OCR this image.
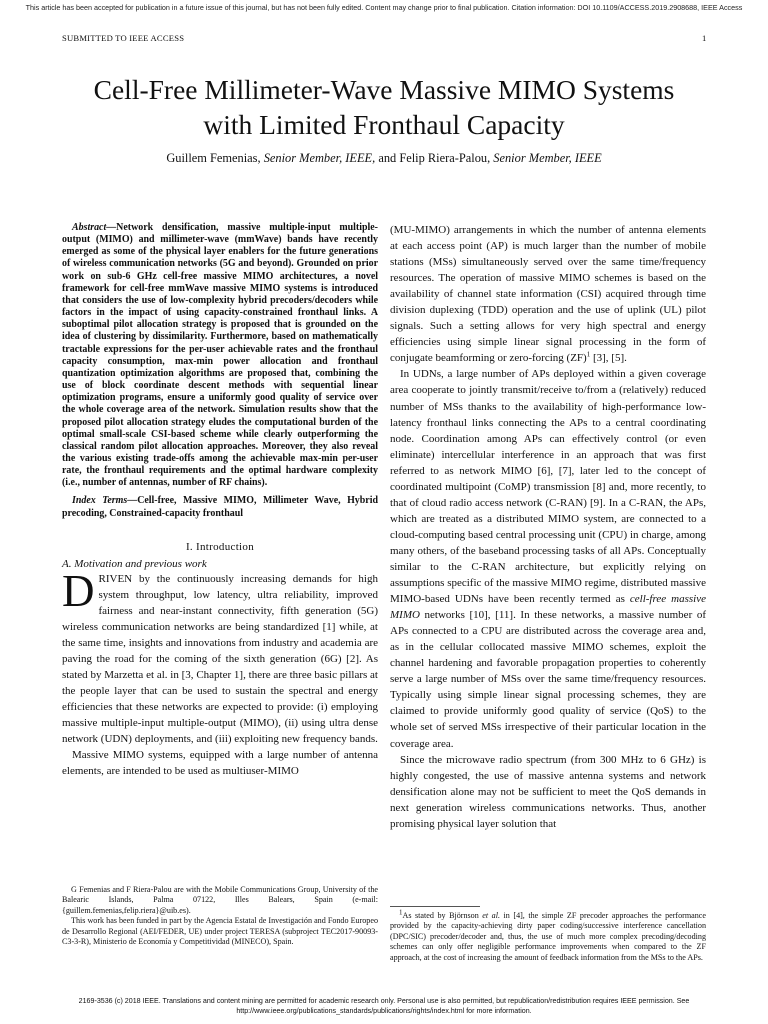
This article has been accepted for publication in a future issue of this journal, but has not been fully edited. Content may change prior to final publication. Citation information: DOI 10.1109/ACCESS.2019.2908688, IEEE Access
SUBMITTED TO IEEE ACCESS	1
Cell-Free Millimeter-Wave Massive MIMO Systems
with Limited Fronthaul Capacity
Guillem Femenias, Senior Member, IEEE, and Felip Riera-Palou, Senior Member, IEEE

Abstract—Network densification, massive multiple-input multiple-output (MIMO) and millimeter-wave (mmWave) bands have recently emerged as some of the physical layer enablers for the future generations of wireless communication networks (5G and beyond). Grounded on prior work on sub-6 GHz cell-free massive MIMO architectures, a novel framework for cell-free mmWave massive MIMO systems is introduced that considers the use of low-complexity hybrid precoders/decoders while factors in the impact of using capacity-constrained fronthaul links. A suboptimal pilot allocation strategy is proposed that is grounded on the idea of clustering by dissimilarity. Furthermore, based on mathematically tractable expressions for the per-user achievable rates and the fronthaul capacity consumption, max-min power allocation and fronthaul quantization optimization algorithms are proposed that, combining the use of block coordinate descent methods with sequential linear optimization programs, ensure a uniformly good quality of service over the whole coverage area of the network. Simulation results show that the proposed pilot allocation strategy eludes the computational burden of the optimal small-scale CSI-based scheme while clearly outperforming the classical random pilot allocation approaches. Moreover, they also reveal the various existing trade-offs among the achievable max-min per-user rate, the fronthaul requirements and the optimal hardware complexity (i.e., number of antennas, number of RF chains).

Index Terms—Cell-free, Massive MIMO, Millimeter Wave, Hybrid precoding, Constrained-capacity fronthaul

I. Introduction
A. Motivation and previous work

DRIVEN by the continuously increasing demands for high system throughput, low latency, ultra reliability, improved fairness and near-instant connectivity, fifth generation (5G) wireless communication networks are being standardized [1] while, at the same time, insights and innovations from industry and academia are paving the road for the coming of the sixth generation (6G) [2]. As stated by Marzetta et al. in [3, Chapter 1], there are three basic pillars at the people layer that can be used to sustain the spectral and energy efficiencies that these networks are expected to provide: (i) employing massive multiple-input multiple-output (MIMO), (ii) using ultra dense network (UDN) deployments, and (iii) exploiting new frequency bands.

Massive MIMO systems, equipped with a large number of antenna elements, are intended to be used as multiuser-MIMO

G Femenias and F Riera-Palou are with the Mobile Communications Group, University of the Balearic Islands, Palma 07122, Illes Balears, Spain (e-mail: {guillem.femenias,felip.riera}@uib.es).

This work has been funded in part by the Agencia Estatal de Investigación and Fondo Europeo de Desarrollo Regional (AEI/FEDER, UE) under project TERESA (subproject TEC2017-90093-C3-3-R), Ministerio de Economía y Competitividad (MINECO), Spain.

(MU-MIMO) arrangements in which the number of antenna elements at each access point (AP) is much larger than the number of mobile stations (MSs) simultaneously served over the same time/frequency resources. The operation of massive MIMO schemes is based on the availability of channel state information (CSI) acquired through time division duplexing (TDD) operation and the use of uplink (UL) pilot signals. Such a setting allows for very high spectral and energy efficiencies using simple linear signal processing in the form of conjugate beamforming or zero-forcing (ZF)$^1$ [3], [5].

In UDNs, a large number of APs deployed within a given coverage area cooperate to jointly transmit/receive to/from a (relatively) reduced number of MSs thanks to the availability of high-performance low-latency fronthaul links connecting the APs to a central coordinating node. Coordination among APs can effectively control (or even eliminate) intercellular interference in an approach that was first referred to as network MIMO [6], [7], later led to the concept of coordinated multipoint (CoMP) transmission [8] and, more recently, to that of cloud radio access network (C-RAN) [9]. In a C-RAN, the APs, which are treated as a distributed MIMO system, are connected to a cloud-computing based central processing unit (CPU) in charge, among many others, of the baseband processing tasks of all APs. Conceptually similar to the C-RAN architecture, but explicitly relying on assumptions specific of the massive MIMO regime, distributed massive MIMO-based UDNs have been recently termed as cell-free massive MIMO networks [10], [11]. In these networks, a massive number of APs connected to a CPU are distributed across the coverage area and, as in the cellular collocated massive MIMO schemes, exploit the channel hardening and favorable propagation properties to coherently serve a large number of MSs over the same time/frequency resources. Typically using simple linear signal processing schemes, they are claimed to provide uniformly good quality of service (QoS) to the whole set of served MSs irrespective of their particular location in the coverage area.

Since the microwave radio spectrum (from 300 MHz to 6 GHz) is highly congested, the use of massive antenna systems and network densification alone may not be sufficient to meet the QoS demands in next generation wireless communications networks. Thus, another promising physical layer solution that

$^1$As stated by Björnson et al. in [4], the simple ZF precoder approaches the performance provided by the capacity-achieving dirty paper coding/successive interference cancellation (DPC/SIC) precoder/decoder and, thus, the use of much more complex precoding/decoding schemes can only offer negligible performance improvements when compared to the ZF approach, at the cost of increasing the amount of feedback information from the MSs to the APs.

2169-3536 (c) 2018 IEEE. Translations and content mining are permitted for academic research only. Personal use is also permitted, but republication/redistribution requires IEEE permission. See
http://www.ieee.org/publications_standards/publications/rights/index.html for more information.
